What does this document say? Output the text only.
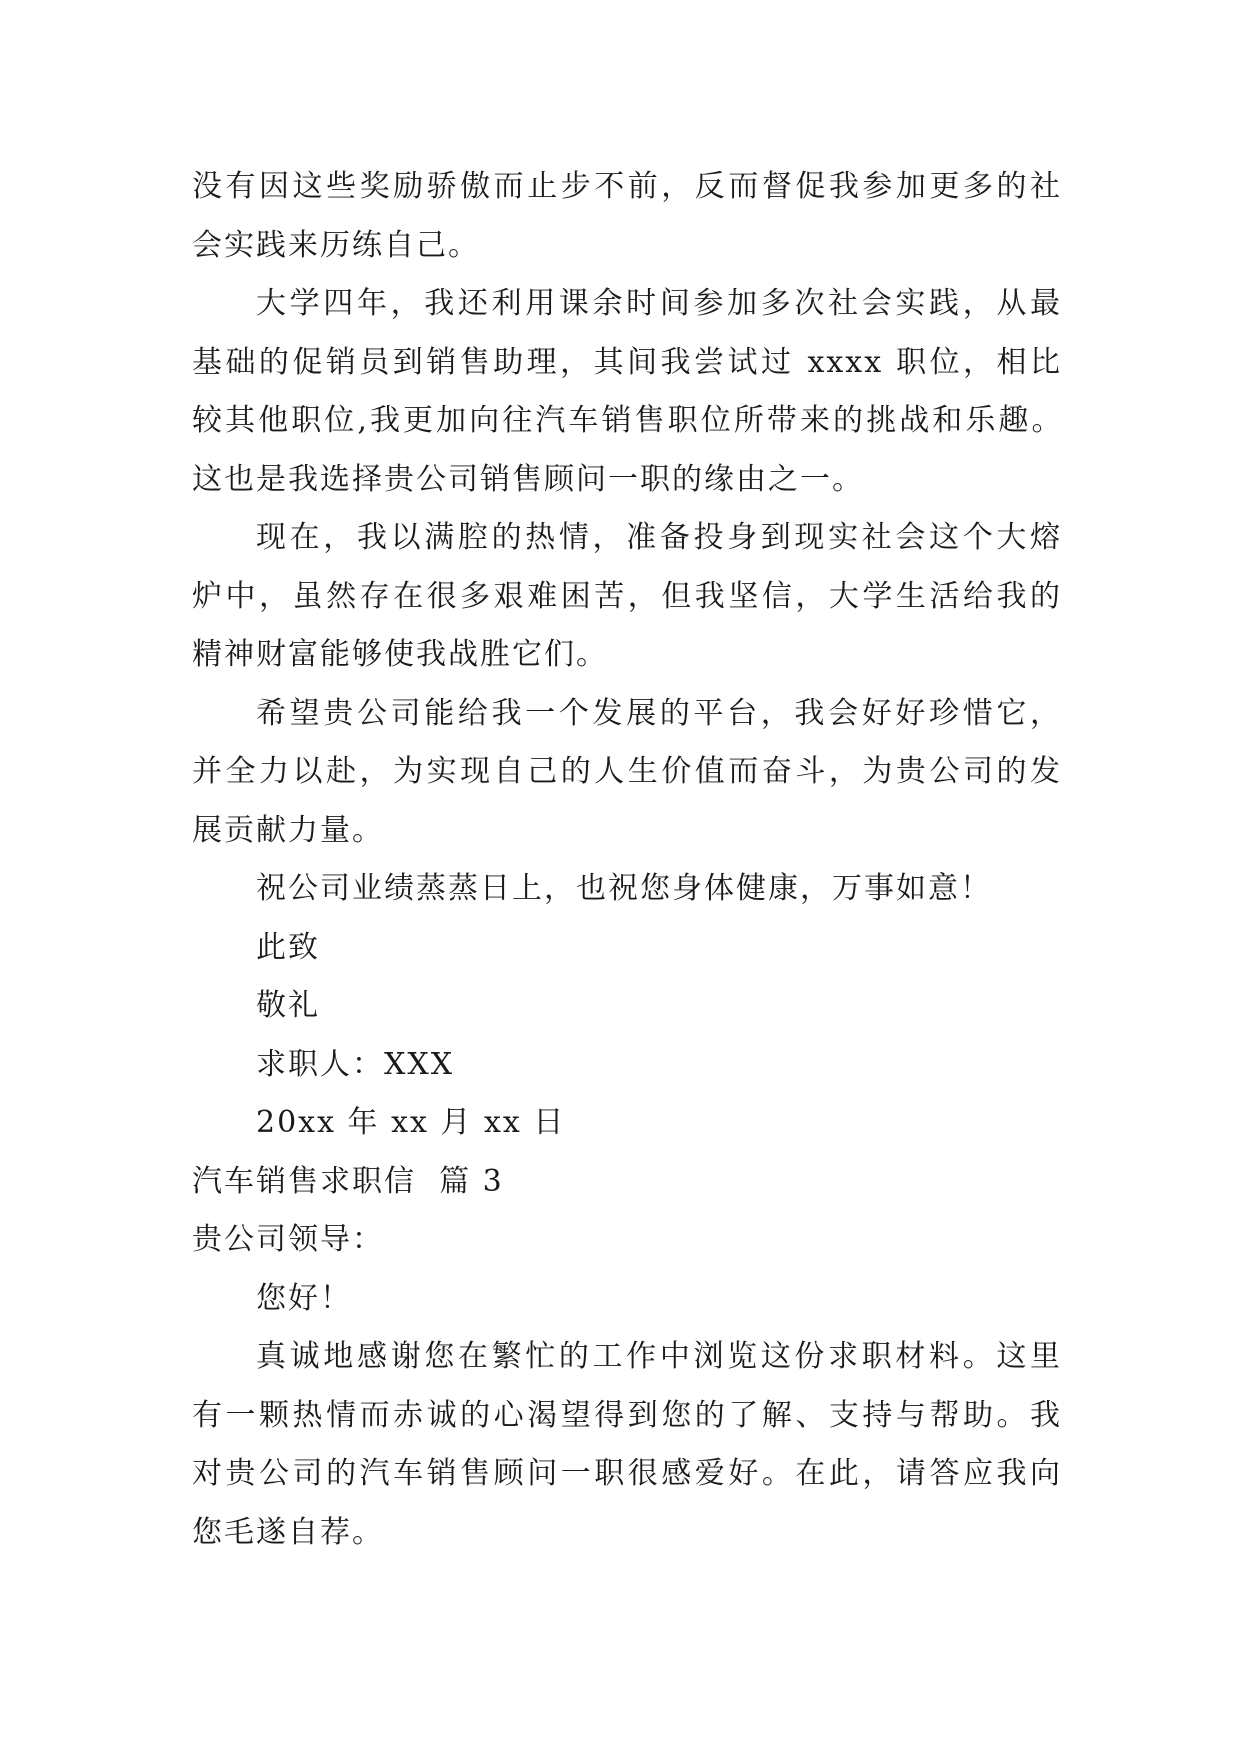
没有因这些奖励骄傲而止步不前，反而督促我参加更多的社
会实践来历练自己。
大学四年，我还利用课余时间参加多次社会实践，从最
基础的促销员到销售助理，其间我尝试过 xxxx 职位，相比
较其他职位,我更加向往汽车销售职位所带来的挑战和乐趣。
这也是我选择贵公司销售顾问一职的缘由之一。
现在，我以满腔的热情，准备投身到现实社会这个大熔
炉中，虽然存在很多艰难困苦，但我坚信，大学生活给我的
精神财富能够使我战胜它们。
希望贵公司能给我一个发展的平台，我会好好珍惜它，
并全力以赴，为实现自己的人生价值而奋斗，为贵公司的发
展贡献力量。
祝公司业绩蒸蒸日上，也祝您身体健康，万事如意！
此致
敬礼
求职人：XXX
20xx 年 xx 月 xx 日
汽车销售求职信  篇 3
贵公司领导：
您好！
真诚地感谢您在繁忙的工作中浏览这份求职材料。这里
有一颗热情而赤诚的心渴望得到您的了解、支持与帮助。我
对贵公司的汽车销售顾问一职很感爱好。在此，请答应我向
您毛遂自荐。
